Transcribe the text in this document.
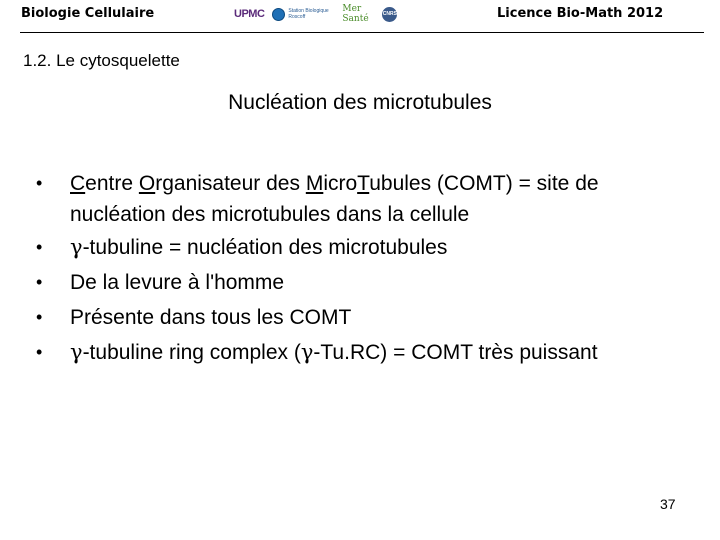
Biologie Cellulaire	UPMC	Station Biologique Roscoff
Mer Santé	CNRS	Licence Bio-Math 2012
1.2. Le cytosquelette
Nucléation des microtubules
• Centre Organisateur des MicroTubules (COMT) = site de
nucléation des microtubules dans la cellule
• γ-tubuline = nucléation des microtubules
• De la levure à l'homme
• Présente dans tous les COMT
• γ-tubuline ring complex (γ-Tu.RC) = COMT très puissant
37
